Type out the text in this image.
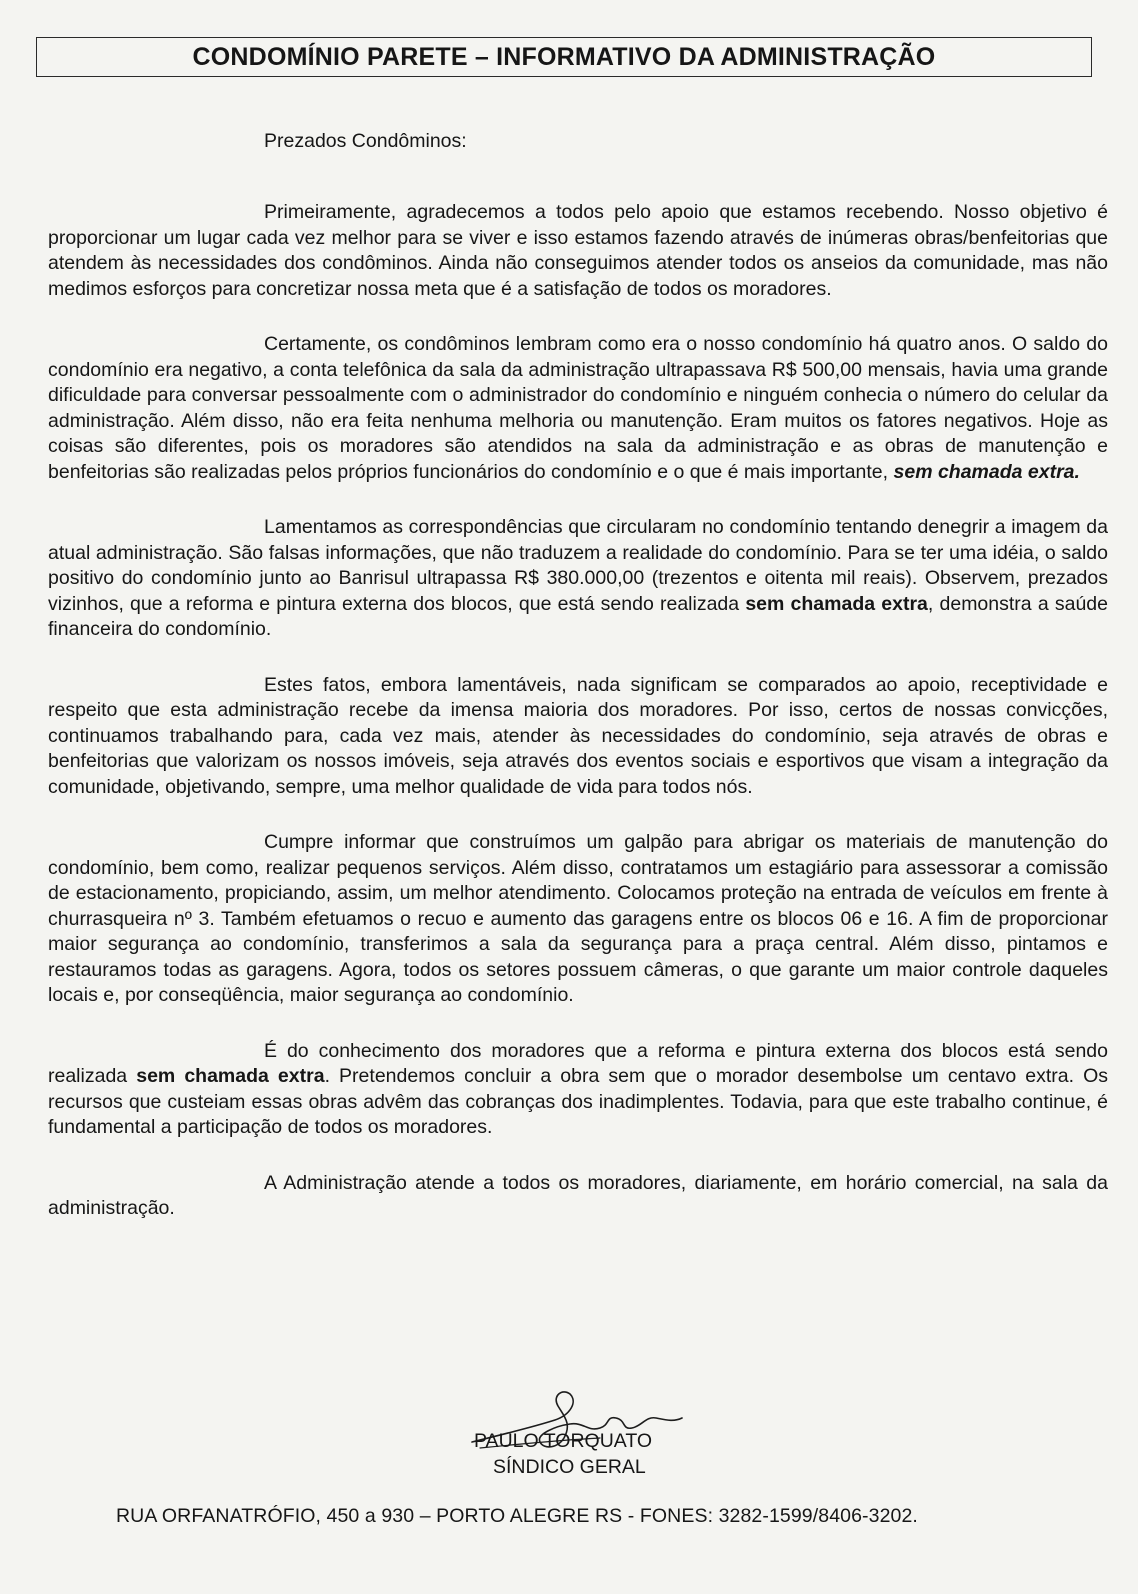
CONDOMÍNIO PARETE – INFORMATIVO DA ADMINISTRAÇÃO

Prezados Condôminos:

Primeiramente, agradecemos a todos pelo apoio que estamos recebendo. Nosso objetivo é proporcionar um lugar cada vez melhor para se viver e isso estamos fazendo através de inúmeras obras/benfeitorias que atendem às necessidades dos condôminos. Ainda não conseguimos atender todos os anseios da comunidade, mas não medimos esforços para concretizar nossa meta que é a satisfação de todos os moradores.

Certamente, os condôminos lembram como era o nosso condomínio há quatro anos. O saldo do condomínio era negativo, a conta telefônica da sala da administração ultrapassava R$ 500,00 mensais, havia uma grande dificuldade para conversar pessoalmente com o administrador do condomínio e ninguém conhecia o número do celular da administração. Além disso, não era feita nenhuma melhoria ou manutenção. Eram muitos os fatores negativos. Hoje as coisas são diferentes, pois os moradores são atendidos na sala da administração e as obras de manutenção e benfeitorias são realizadas pelos próprios funcionários do condomínio e o que é mais importante, sem chamada extra.

Lamentamos as correspondências que circularam no condomínio tentando denegrir a imagem da atual administração. São falsas informações, que não traduzem a realidade do condomínio. Para se ter uma idéia, o saldo positivo do condomínio junto ao Banrisul ultrapassa R$ 380.000,00 (trezentos e oitenta mil reais). Observem, prezados vizinhos, que a reforma e pintura externa dos blocos, que está sendo realizada sem chamada extra, demonstra a saúde financeira do condomínio.

Estes fatos, embora lamentáveis, nada significam se comparados ao apoio, receptividade e respeito que esta administração recebe da imensa maioria dos moradores. Por isso, certos de nossas convicções, continuamos trabalhando para, cada vez mais, atender às necessidades do condomínio, seja através de obras e benfeitorias que valorizam os nossos imóveis, seja através dos eventos sociais e esportivos que visam a integração da comunidade, objetivando, sempre, uma melhor qualidade de vida para todos nós.

Cumpre informar que construímos um galpão para abrigar os materiais de manutenção do condomínio, bem como, realizar pequenos serviços. Além disso, contratamos um estagiário para assessorar a comissão de estacionamento, propiciando, assim, um melhor atendimento. Colocamos proteção na entrada de veículos em frente à churrasqueira nº 3. Também efetuamos o recuo e aumento das garagens entre os blocos 06 e 16. A fim de proporcionar maior segurança ao condomínio, transferimos a sala da segurança para a praça central. Além disso, pintamos e restauramos todas as garagens. Agora, todos os setores possuem câmeras, o que garante um maior controle daqueles locais e, por conseqüência, maior segurança ao condomínio.

É do conhecimento dos moradores que a reforma e pintura externa dos blocos está sendo realizada sem chamada extra. Pretendemos concluir a obra sem que o morador desembolse um centavo extra. Os recursos que custeiam essas obras advêm das cobranças dos inadimplentes. Todavia, para que este trabalho continue, é fundamental a participação de todos os moradores.

A Administração atende a todos os moradores, diariamente, em horário comercial, na sala da administração.

PAULO TORQUATO

SÍNDICO GERAL

RUA ORFANATRÓFIO, 450 a 930 – PORTO ALEGRE RS - FONES: 3282-1599/8406-3202.
